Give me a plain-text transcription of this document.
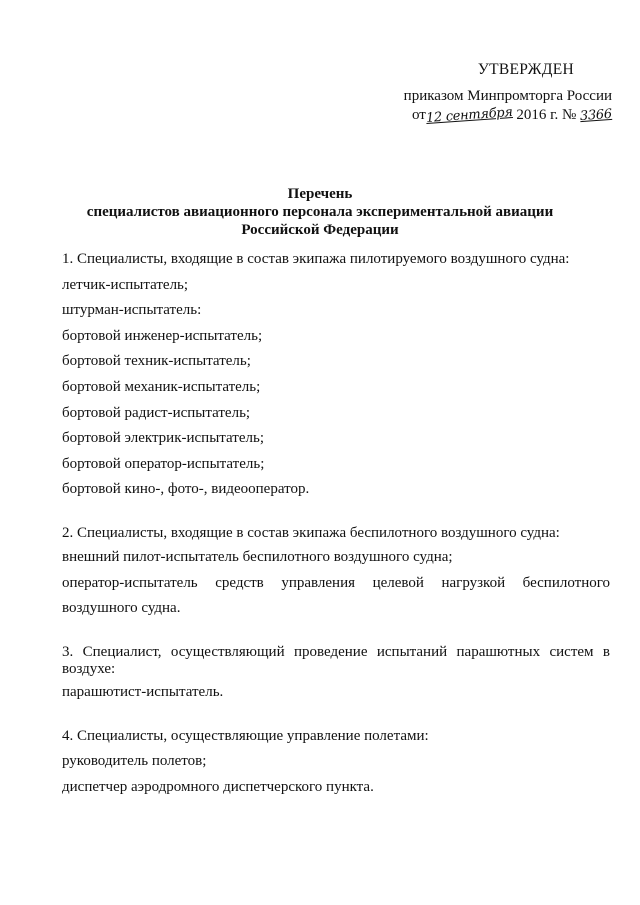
УТВЕРЖДЕН
приказом Минпромторга России
от12 сентября 2016 г. № 3366
Перечень
специалистов авиационного персонала экспериментальной авиации
Российской Федерации
1. Специалисты, входящие в состав экипажа пилотируемого воздушного судна:
летчик-испытатель;
штурман-испытатель:
бортовой инженер-испытатель;
бортовой техник-испытатель;
бортовой механик-испытатель;
бортовой радист-испытатель;
бортовой электрик-испытатель;
бортовой оператор-испытатель;
бортовой кино-, фото-, видеооператор.
2. Специалисты, входящие в состав экипажа беспилотного воздушного судна:
внешний пилот-испытатель беспилотного воздушного судна;
оператор-испытатель средств управления целевой нагрузкой беспилотного
воздушного судна.
3. Специалист, осуществляющий проведение испытаний парашютных систем в
воздухе:
парашютист-испытатель.
4. Специалисты, осуществляющие управление полетами:
руководитель полетов;
диспетчер аэродромного диспетчерского пункта.
